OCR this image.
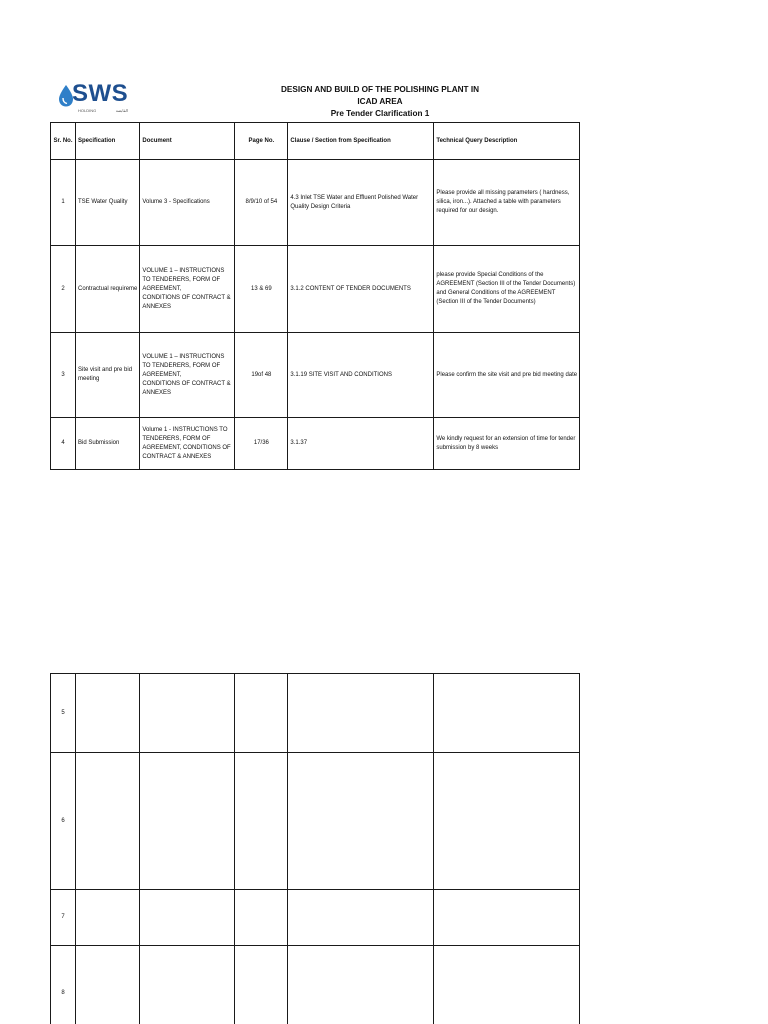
SWS
HOLDING	القابضة
DESIGN AND BUILD OF THE POLISHING PLANT IN
ICAD AREA
Pre Tender Clarification 1
Sr. No.	Specification	Document	Page No.	Clause / Section from Specification	Technical Query Description
1	TSE Water Quality	Volume 3 - Specifications	8/9/10 of 54	4.3 Inlet TSE Water and Effluent Polished Water Quality Design Criteria	Please provide all missing parameters ( hardness, silica, iron...). Attached a table with parameters required for our design.
2	Contractual requireme	VOLUME 1 – INSTRUCTIONS TO TENDERERS, FORM OF AGREEMENT,
CONDITIONS OF CONTRACT & ANNEXES	13 & 69	3.1.2 CONTENT OF TENDER DOCUMENTS	please provide Special Conditions of the AGREEMENT (Section III of the Tender Documents) and General Conditions of the AGREEMENT (Section III of the Tender Documents)
3	Site visit and pre bid meeting	VOLUME 1 – INSTRUCTIONS TO TENDERERS, FORM OF AGREEMENT,
CONDITIONS OF CONTRACT & ANNEXES	19of 48	3.1.19 SITE VISIT AND CONDITIONS	Please confirm the site visit and pre bid meeting date
4	Bid Submission	Volume 1 - INSTRUCTIONS TO TENDERERS, FORM OF AGREEMENT, CONDITIONS OF CONTRACT & ANNEXES	17/36	3.1.37	We kindly request for an extension of time for tender submission by 8 weeks
5					
6					
7					
8					
